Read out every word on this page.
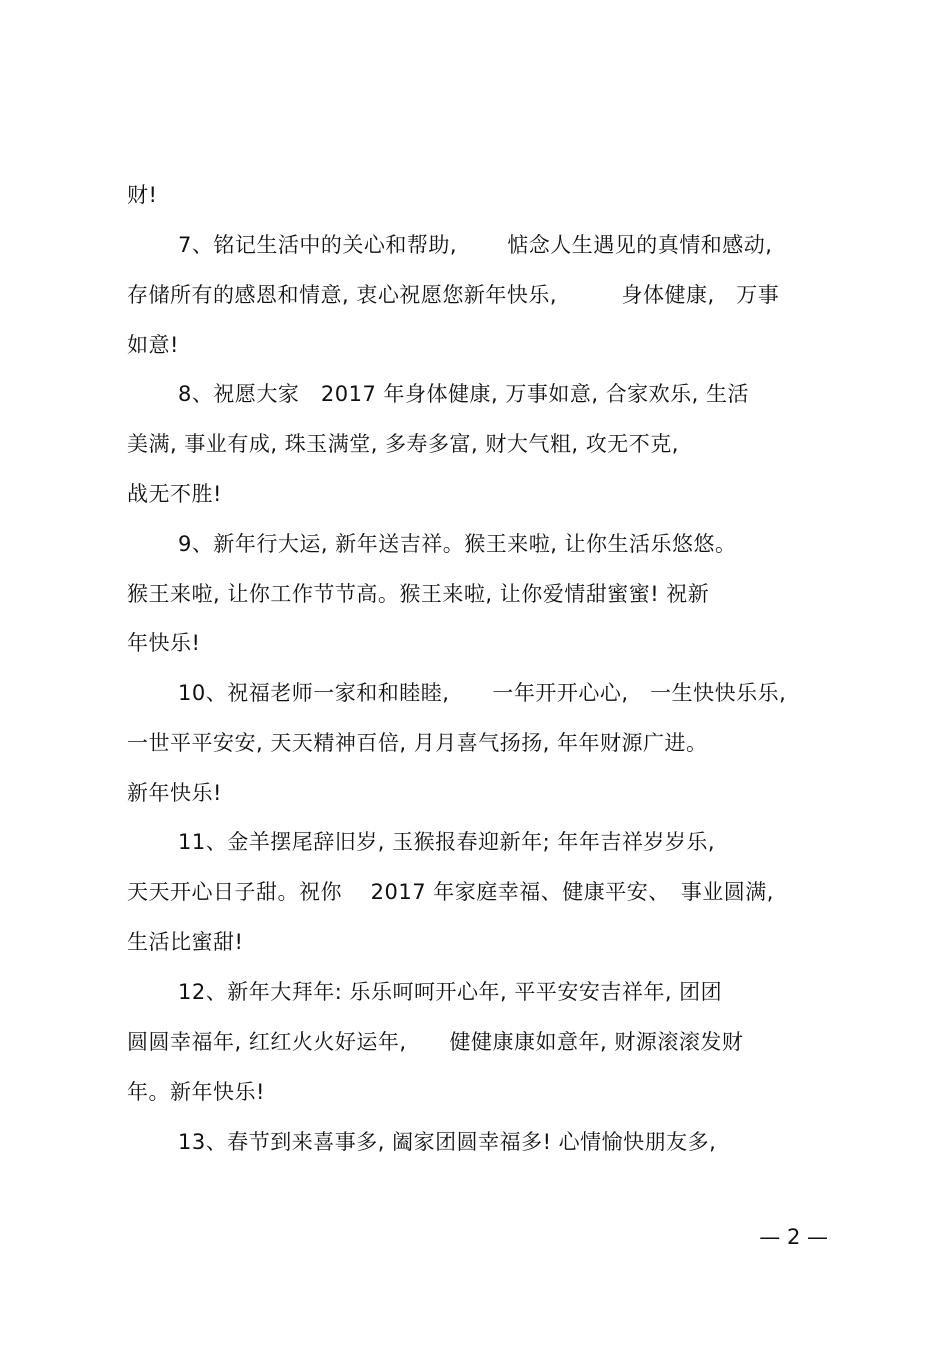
财!
7、铭记生活中的关心和帮助,　　 惦念人生遇见的真情和感动,
存储所有的感恩和情意, 衷心祝愿您新年快乐,　　　身体健康,　万事
如意!
8、祝愿大家　2017 年身体健康, 万事如意, 合家欢乐, 生活
美满, 事业有成, 珠玉满堂, 多寿多富, 财大气粗, 攻无不克,
战无不胜!
9、新年行大运, 新年送吉祥。猴王来啦, 让你生活乐悠悠。
猴王来啦, 让你工作节节高。猴王来啦, 让你爱情甜蜜蜜! 祝新
年快乐!
10、祝福老师一家和和睦睦,　　一年开开心心,　一生快快乐乐,
一世平平安安, 天天精神百倍, 月月喜气扬扬, 年年财源广进。
新年快乐!
11、金羊摆尾辞旧岁, 玉猴报春迎新年; 年年吉祥岁岁乐,
天天开心日子甜。祝你　 2017 年家庭幸福、健康平安、　事业圆满,
生活比蜜甜!
12、新年大拜年: 乐乐呵呵开心年, 平平安安吉祥年, 团团
圆圆幸福年, 红红火火好运年,　　健健康康如意年, 财源滚滚发财
年。新年快乐!
13、春节到来喜事多, 阖家团圆幸福多! 心情愉快朋友多,
— 2 —
